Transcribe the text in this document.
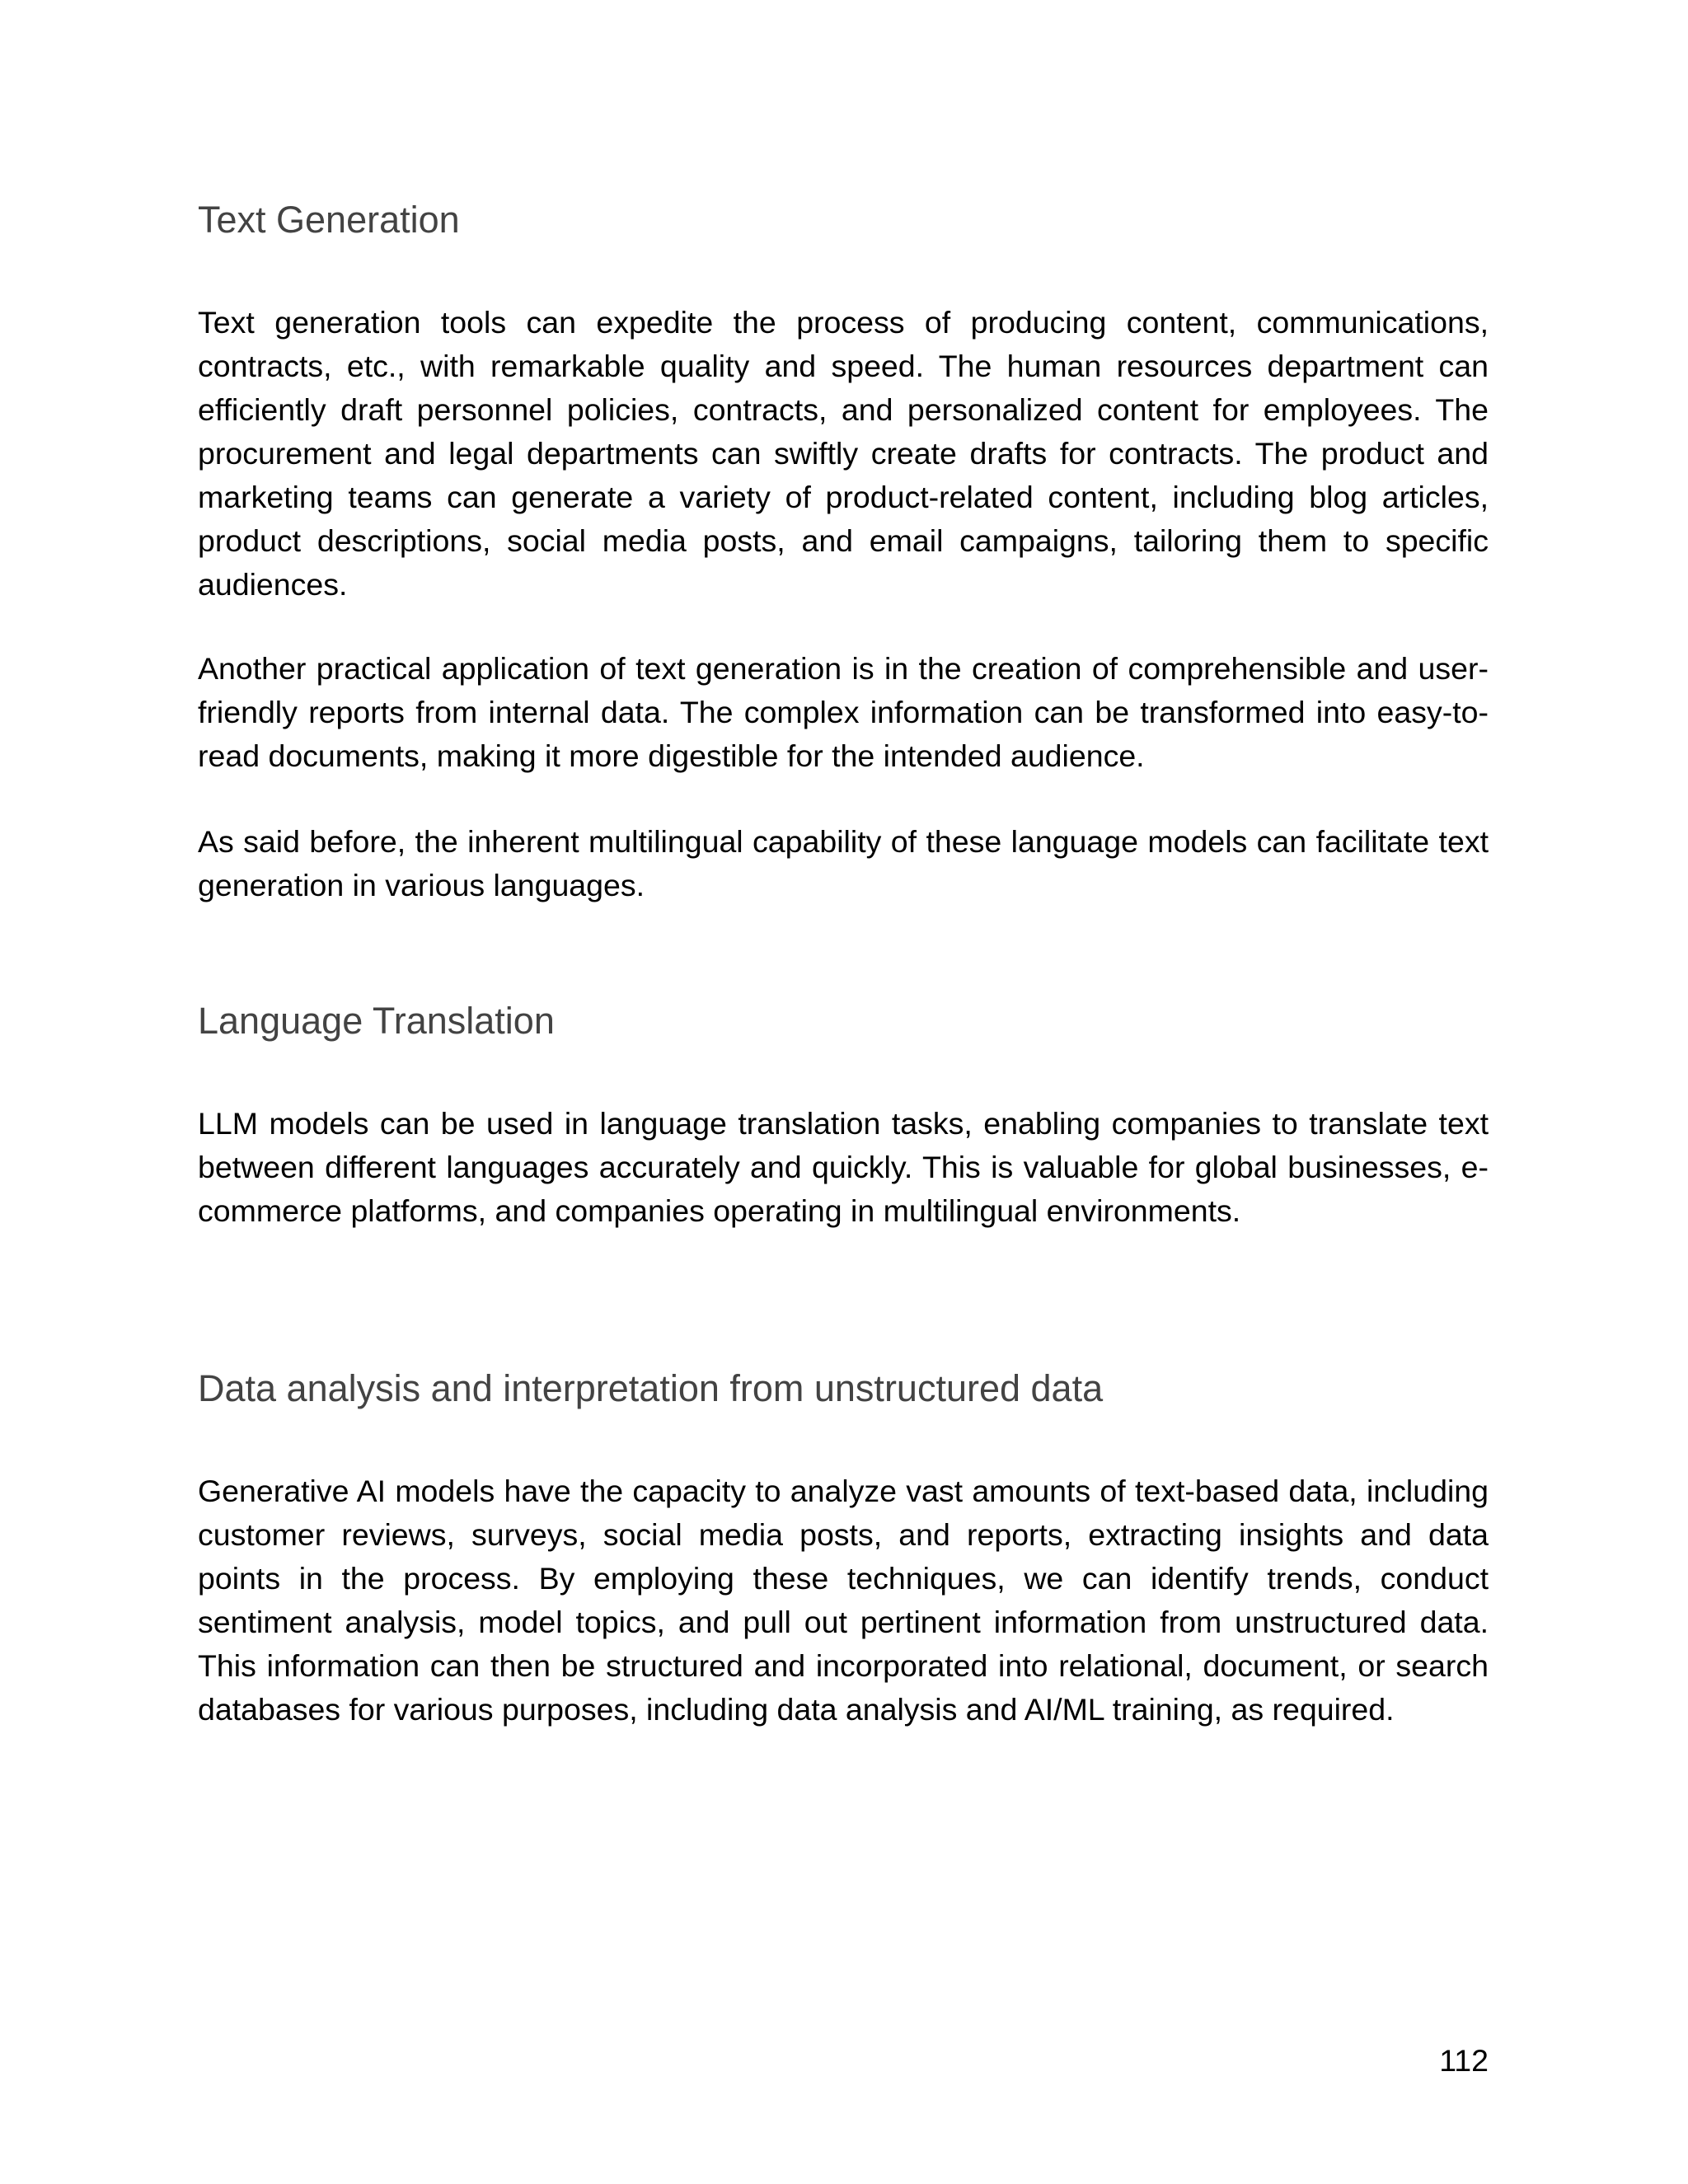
Text Generation

Text generation tools can expedite the process of producing content, communications, contracts, etc., with remarkable quality and speed. The human resources department can efficiently draft personnel policies, contracts, and personalized content for employees. The procurement and legal departments can swiftly create drafts for contracts. The product and marketing teams can generate a variety of product-related content, including blog articles, product descriptions, social media posts, and email campaigns, tailoring them to specific audiences.

Another practical application of text generation is in the creation of comprehensible and user-friendly reports from internal data. The complex information can be transformed into easy-to-read documents, making it more digestible for the intended audience.

As said before, the inherent multilingual capability of these language models can facilitate text generation in various languages.

Language Translation

LLM models can be used in language translation tasks, enabling companies to translate text between different languages accurately and quickly. This is valuable for global businesses, e-commerce platforms, and companies operating in multilingual environments.

Data analysis and interpretation from unstructured data

Generative AI models have the capacity to analyze vast amounts of text-based data, including customer reviews, surveys, social media posts, and reports, extracting insights and data points in the process. By employing these techniques, we can identify trends, conduct sentiment analysis, model topics, and pull out pertinent information from unstructured data. This information can then be structured and incorporated into relational, document, or search databases for various purposes, including data analysis and AI/ML training, as required.

112
